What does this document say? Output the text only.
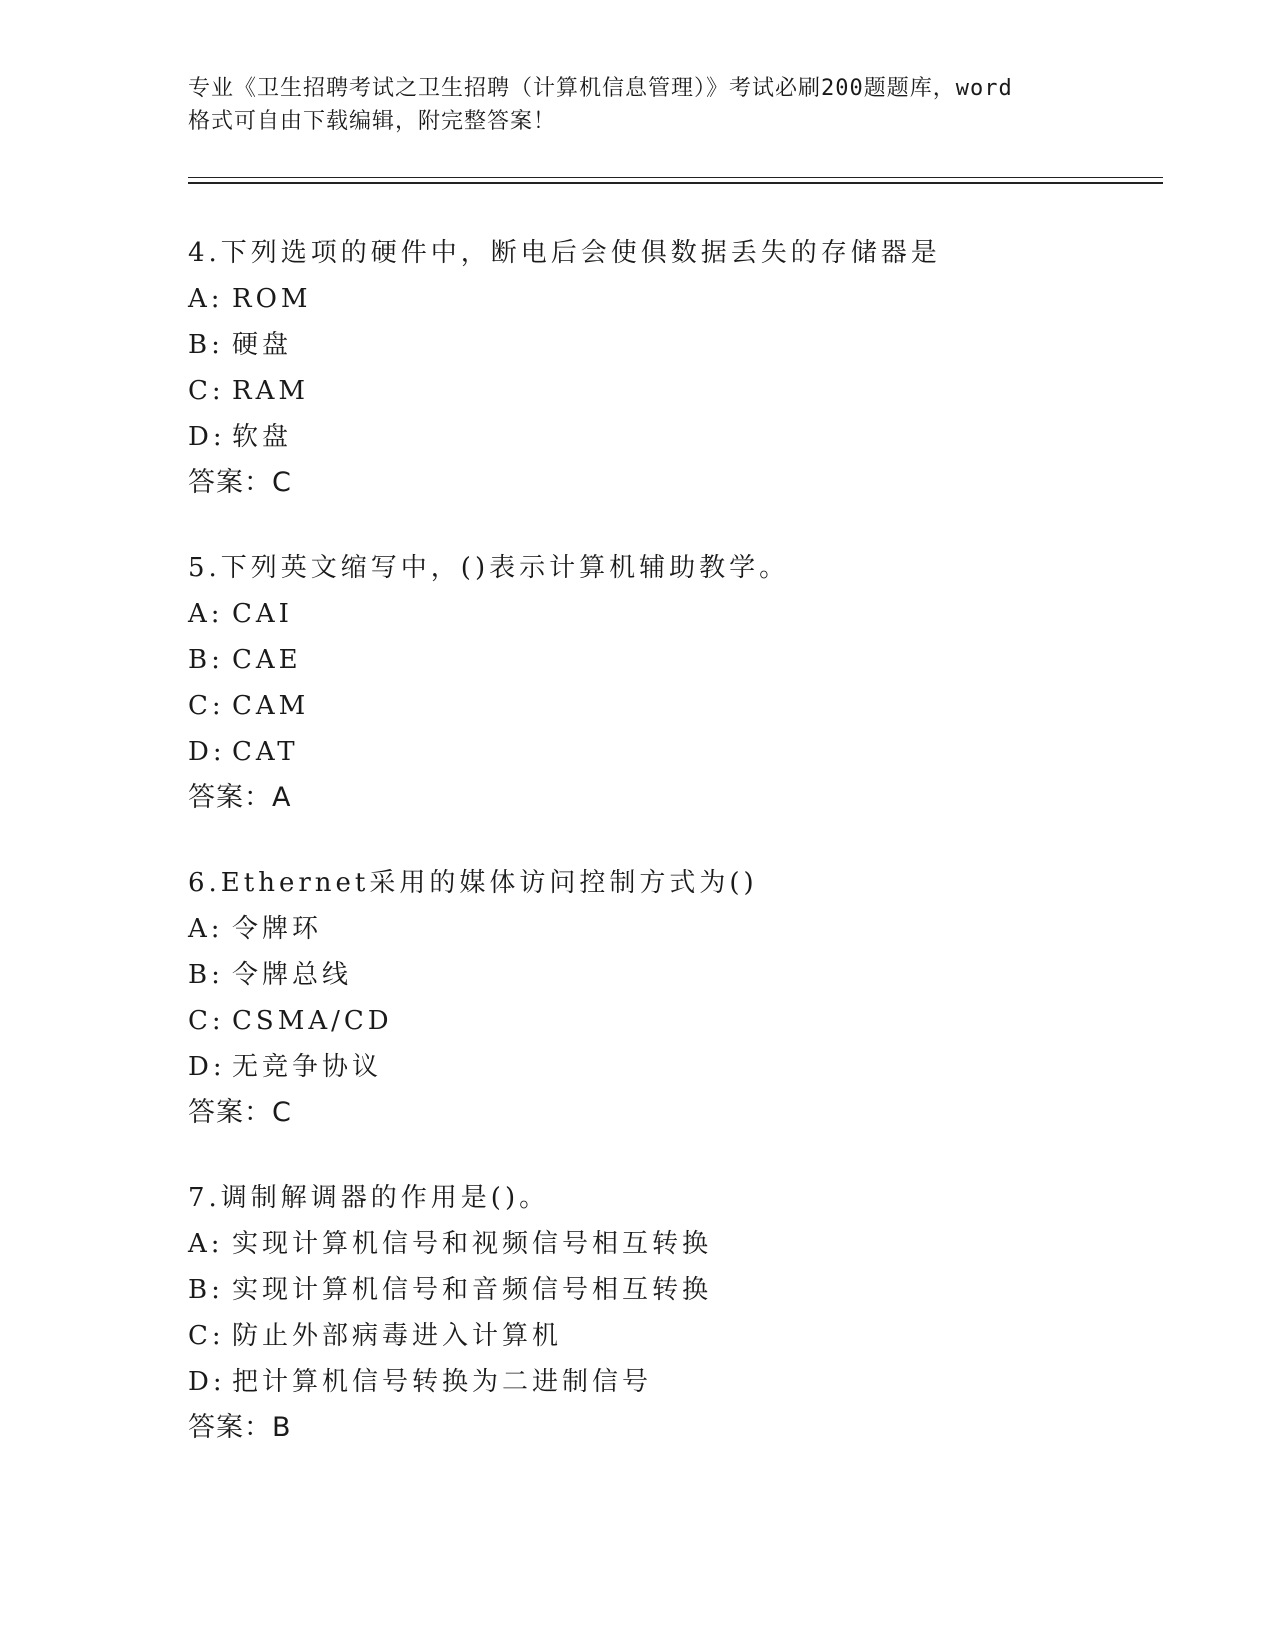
专业《卫生招聘考试之卫生招聘（计算机信息管理）》考试必刷200题题库，word
格式可自由下载编辑，附完整答案！
4.下列选项的硬件中，断电后会使俱数据丢失的存储器是
A: ROM
B: 硬盘
C: RAM
D: 软盘
答案：C
5.下列英文缩写中，()表示计算机辅助教学。
A: CAI
B: CAE
C: CAM
D: CAT
答案：A
6.Ethernet采用的媒体访问控制方式为()
A: 令牌环
B: 令牌总线
C: CSMA/CD
D: 无竞争协议
答案：C
7.调制解调器的作用是()。
A: 实现计算机信号和视频信号相互转换
B: 实现计算机信号和音频信号相互转换
C: 防止外部病毒进入计算机
D: 把计算机信号转换为二进制信号
答案：B
